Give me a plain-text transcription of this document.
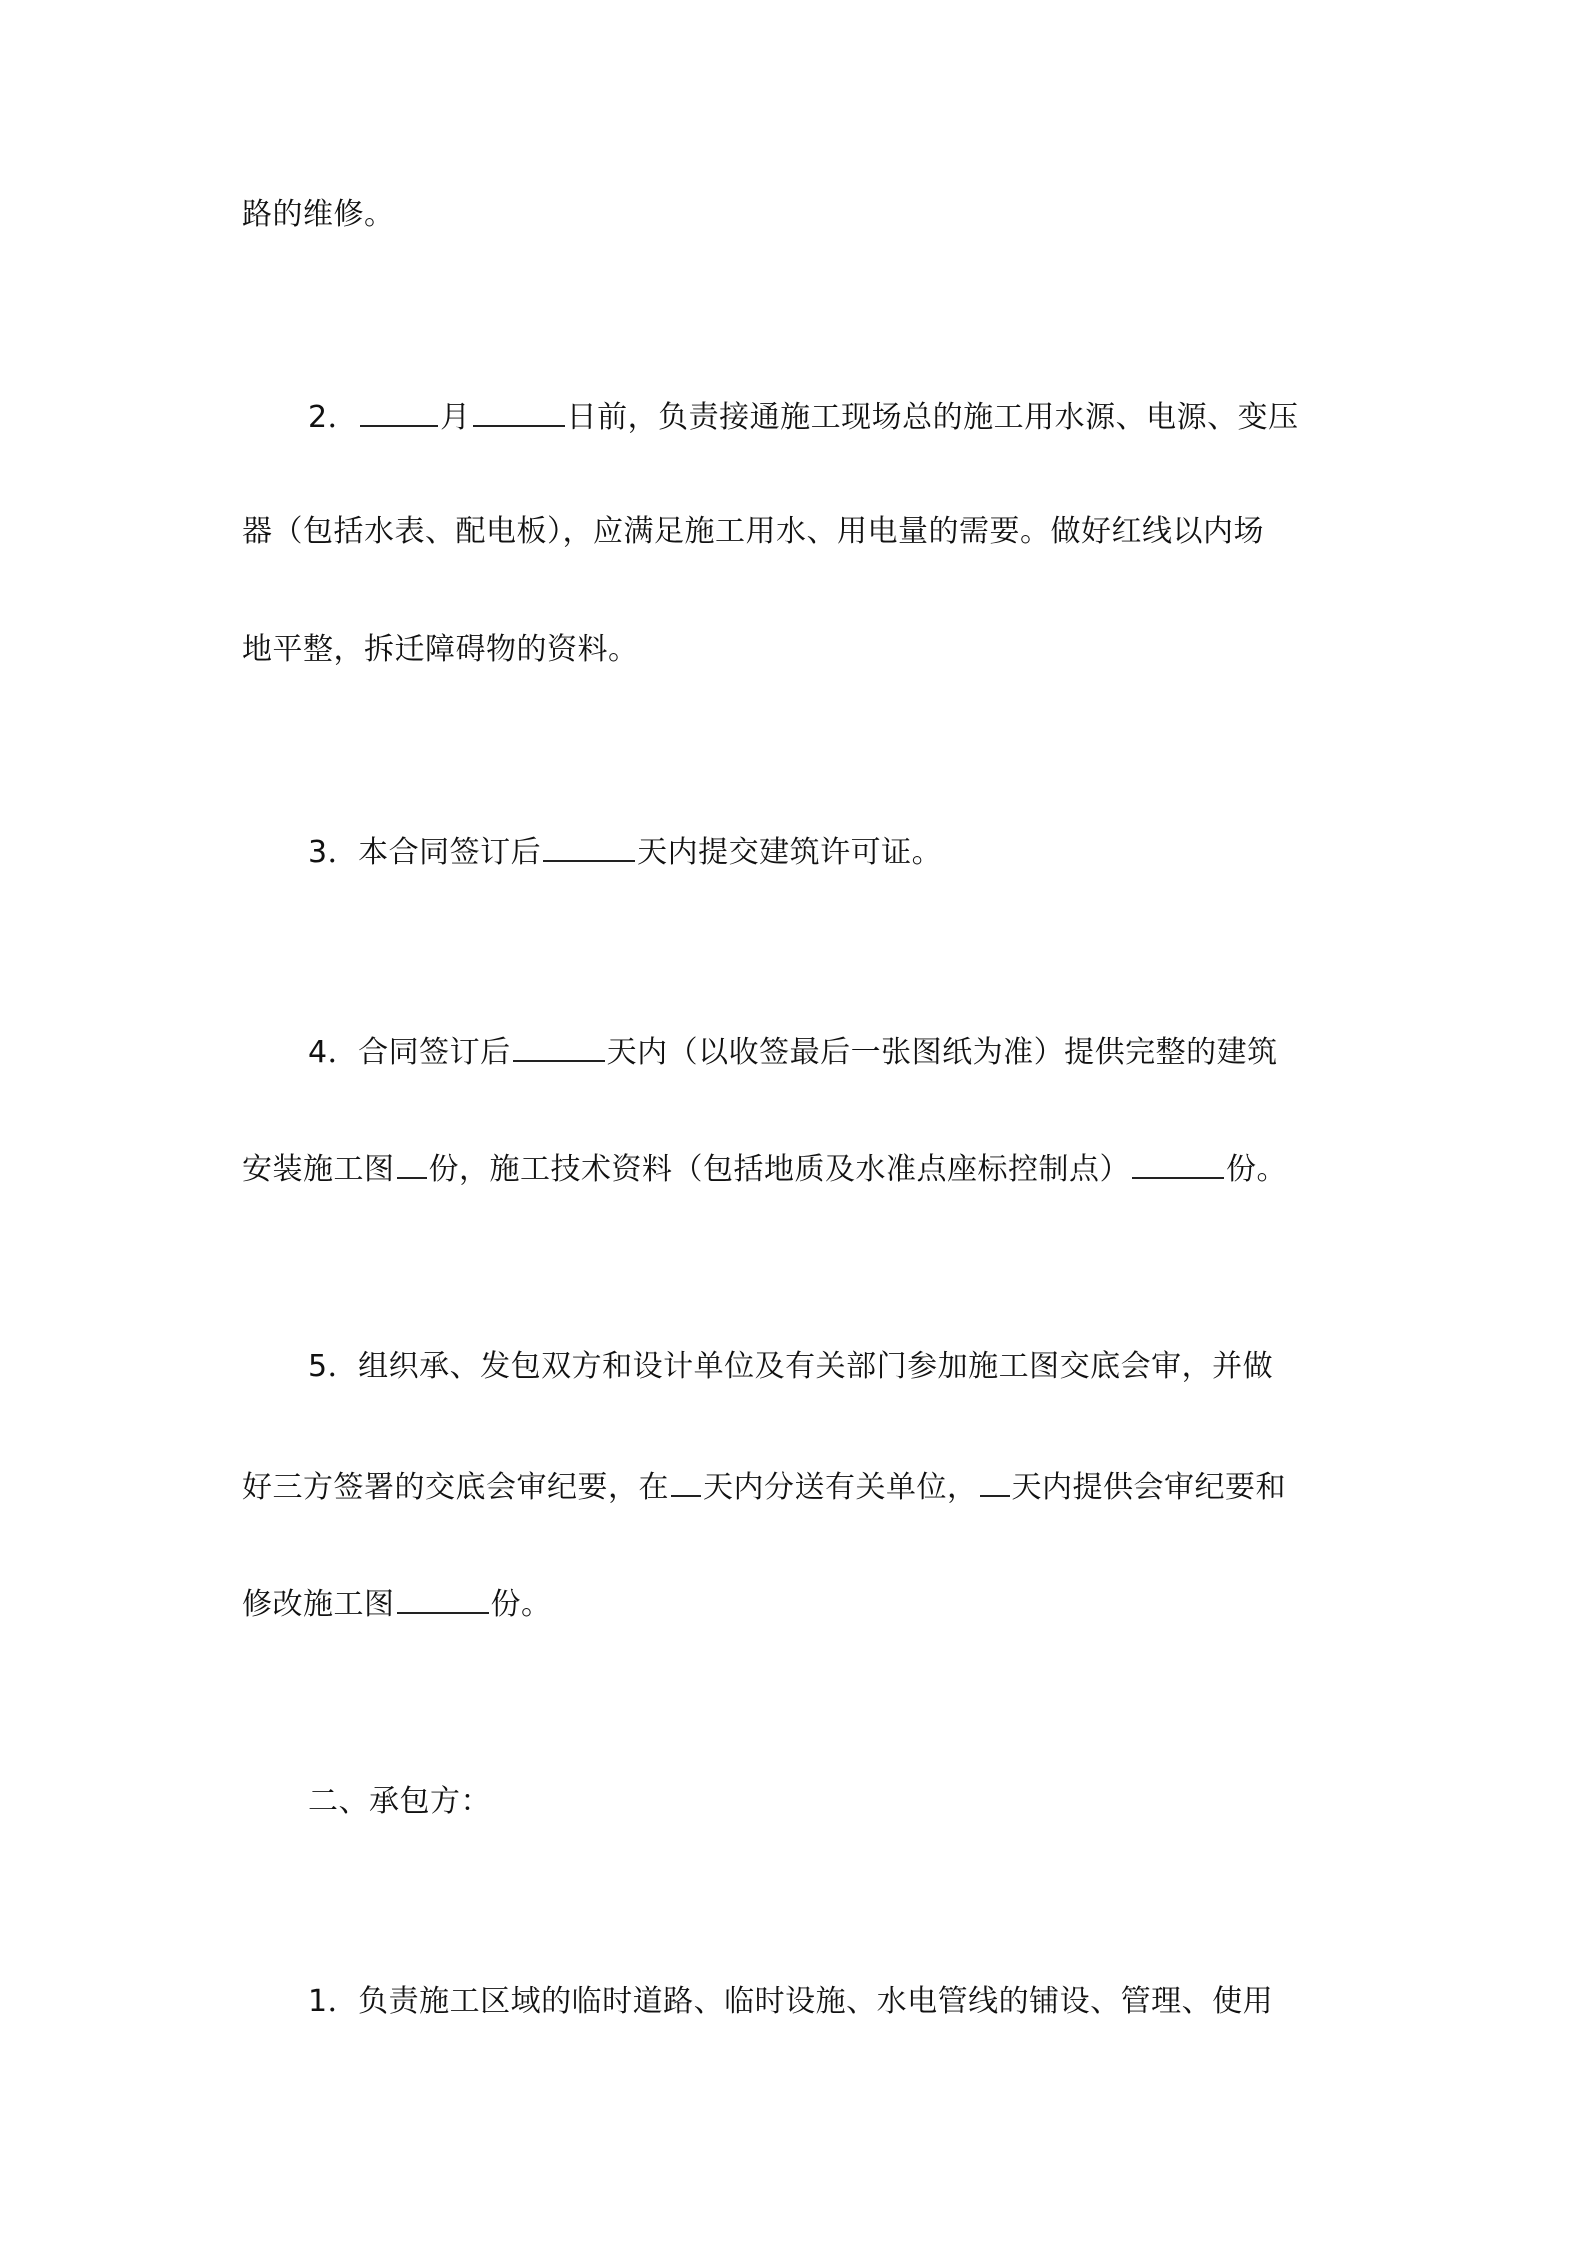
路的维修。
2．	月	日前，负责接通施工现场总的施工用水源、电源、变压
器（包括水表、配电板），应满足施工用水、用电量的需要。做好红线以内场
地平整，拆迁障碍物的资料。
3．本合同签订后	天内提交建筑许可证。
4．合同签订后	天内（以收签最后一张图纸为准）提供完整的建筑
安装施工图 份，施工技术资料（包括地质及水准点座标控制点）	份。
5．组织承、发包双方和设计单位及有关部门参加施工图交底会审，并做
好三方签署的交底会审纪要，在 天内分送有关单位， 天内提供会审纪要和
修改施工图	份。
二、承包方：
1．负责施工区域的临时道路、临时设施、水电管线的铺设、管理、使用
